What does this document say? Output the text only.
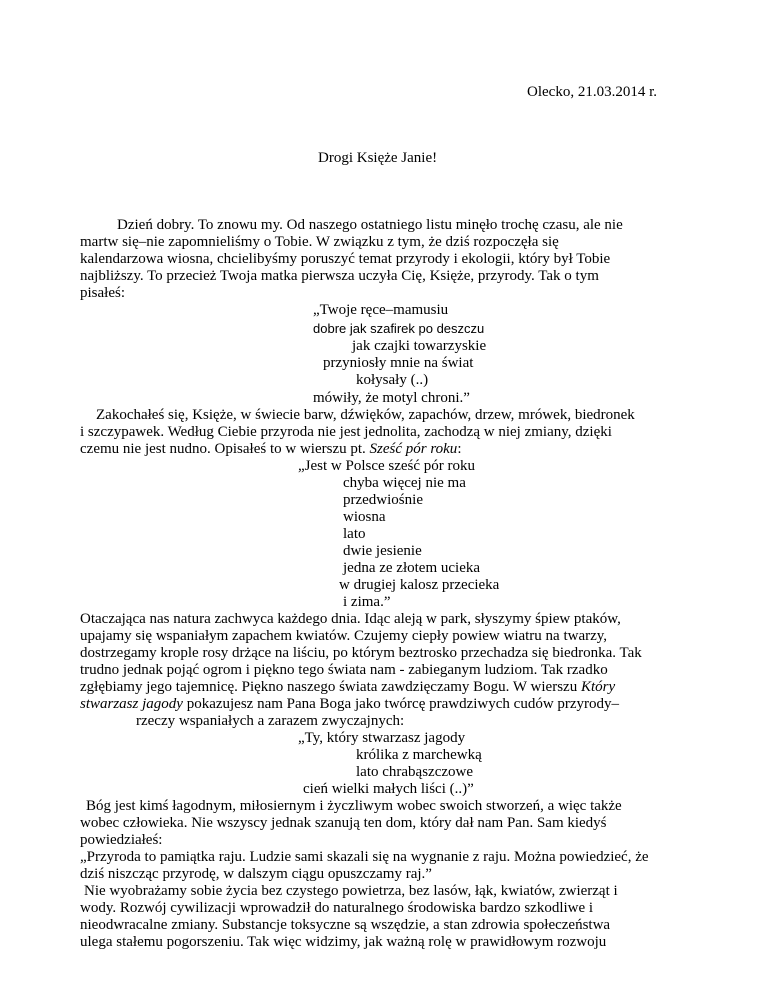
Olecko, 21.03.2014 r.
Drogi Księże Janie!
Dzień dobry. To znowu my. Od naszego ostatniego listu minęło trochę czasu, ale nie
martw się–nie zapomnieliśmy o Tobie. W związku z tym, że dziś rozpoczęła się
kalendarzowa wiosna, chcielibyśmy poruszyć temat przyrody i ekologii, który był Tobie
najbliższy. To przecież Twoja matka pierwsza uczyła Cię, Księże, przyrody. Tak o tym
pisałeś:
„Twoje ręce–mamusiu
dobre jak szafirek po deszczu
jak czajki towarzyskie
przyniosły mnie na świat
kołysały (..)
mówiły, że motyl chroni.”
Zakochałeś się, Księże, w świecie barw, dźwięków, zapachów, drzew, mrówek, biedronek
i szczypawek. Według Ciebie przyroda nie jest jednolita, zachodzą w niej zmiany, dzięki
czemu nie jest nudno. Opisałeś to w wierszu pt. Sześć pór roku:
„Jest w Polsce sześć pór roku
chyba więcej nie ma
przedwiośnie
wiosna
lato
dwie jesienie
jedna ze złotem ucieka
w drugiej kalosz przecieka
i zima.”
Otaczająca nas natura zachwyca każdego dnia. Idąc aleją w park, słyszymy śpiew ptaków,
upajamy się wspaniałym zapachem kwiatów. Czujemy ciepły powiew wiatru na twarzy,
dostrzegamy krople rosy drżące na liściu, po którym beztrosko przechadza się biedronka. Tak
trudno jednak pojąć ogrom i piękno tego świata nam - zabieganym ludziom. Tak rzadko
zgłębiamy jego tajemnicę. Piękno naszego świata zawdzięczamy Bogu. W wierszu Który
stwarzasz jagody pokazujesz nam Pana Boga jako twórcę prawdziwych cudów przyrody–
rzeczy wspaniałych a zarazem zwyczajnych:
„Ty, który stwarzasz jagody
królika z marchewką
lato chrabąszczowe
cień wielki małych liści (..)”
Bóg jest kimś łagodnym, miłosiernym i życzliwym wobec swoich stworzeń, a więc także
wobec człowieka. Nie wszyscy jednak szanują ten dom, który dał nam Pan. Sam kiedyś
powiedziałeś:
„Przyroda to pamiątka raju. Ludzie sami skazali się na wygnanie z raju. Można powiedzieć, że
dziś niszcząc przyrodę, w dalszym ciągu opuszczamy raj.”
Nie wyobrażamy sobie życia bez czystego powietrza, bez lasów, łąk, kwiatów, zwierząt i
wody. Rozwój cywilizacji wprowadził do naturalnego środowiska bardzo szkodliwe i
nieodwracalne zmiany. Substancje toksyczne są wszędzie, a stan zdrowia społeczeństwa
ulega stałemu pogorszeniu. Tak więc widzimy, jak ważną rolę w prawidłowym rozwoju
